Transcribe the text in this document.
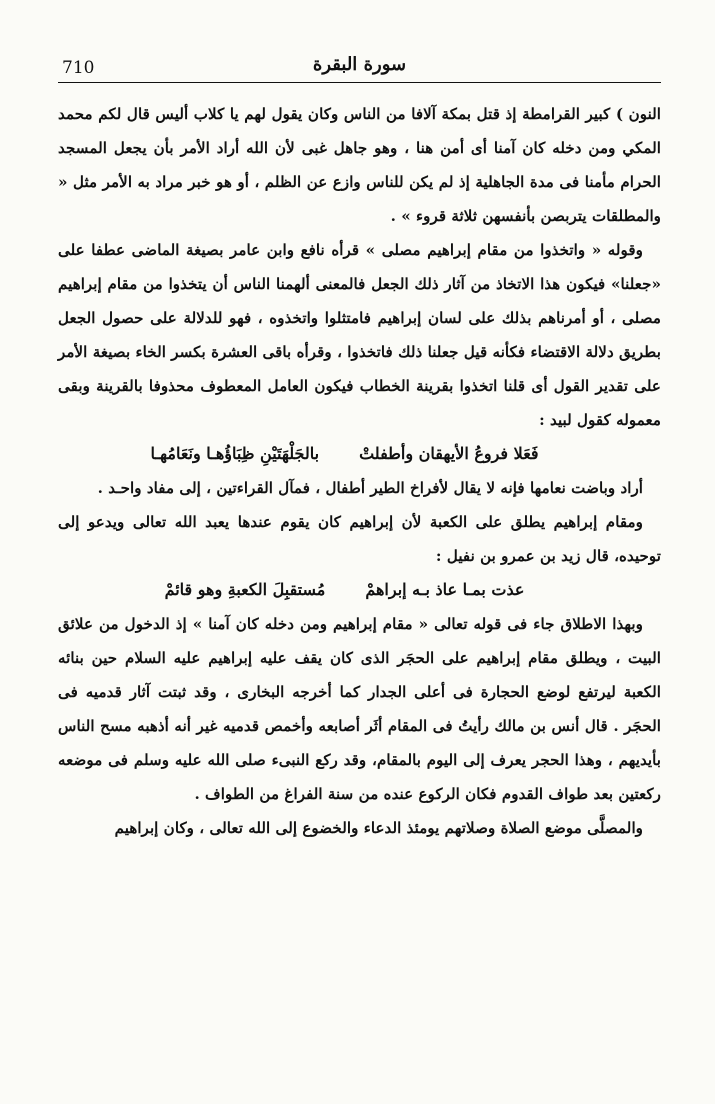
سورة البقرة
710

النون ) كبير القرامطة إذ قتل بمكة آلافا من الناس وكان يقول لهم يا كلاب أليس قال لكم محمد المكي ومن دخله كان آمنا أى أمن هنا ، وهو جاهل غبى لأن الله أراد الأمر بأن يجعل المسجد الحرام مأمنا فى مدة الجاهلية إذ لم يكن للناس وازع عن الظلم ، أو هو خبر مراد به الأمر مثل « والمطلقات يتربصن بأنفسهن ثلاثة قروء » .

وقوله « واتخذوا من مقام إبراهيم مصلى » قرأه نافع وابن عامر بصيغة الماضى عطفا على «جعلنا» فيكون هذا الاتخاذ من آثار ذلك الجعل فالمعنى ألهمنا الناس أن يتخذوا من مقام إبراهيم مصلى ، أو أمرناهم بذلك على لسان إبراهيم فامتثلوا واتخذوه ، فهو للدلالة على حصول الجعل بطريق دلالة الاقتضاء فكأنه قيل جعلنا ذلك فاتخذوا ، وقرأه باقى العشرة بكسر الخاء بصيغة الأمر على تقدير القول أى قلنا اتخذوا بقرينة الخطاب فيكون العامل المعطوف محذوفا بالقرينة وبقى معموله كقول لبيد :

فَعَلا فروعُ الأيهقان وأطفلتْ
بالجَلْهَتَيْنِ ظِبَاؤُهـا ونَعَامُهـا

أراد وباضت نعامها فإنه لا يقال لأفراخ الطير أطفال ، فمآل القراءتين ، إلى مفاد واحـد .

ومقام إبراهيم يطلق على الكعبة لأن إبراهيم كان يقوم عندها يعبد الله تعالى ويدعو إلى توحيده، قال زيد بن عمرو بن نفيل :

عذت بمـا عاذ بـه إبراهمْ
مُستقبِلَ الكعبةِ وهو قائمْ

وبهذا الاطلاق جاء فى قوله تعالى « مقام إبراهيم ومن دخله كان آمنا » إذ الدخول من علائق البيت ، ويطلق مقام إبراهيم على الحجَر الذى كان يقف عليه إبراهيم عليه السلام حين بنائه الكعبة ليرتفع لوضع الحجارة فى أعلى الجدار كما أخرجه البخارى ، وقد ثبتت آثار قدميه فى الحجَر . قال أنس بن مالك رأيتُ فى المقام أثَر أصابعه وأخمص قدميه غير أنه أذهبه مسح الناس بأيديهم ، وهذا الحجر يعرف إلى اليوم بالمقام، وقد ركع النبىء صلى الله عليه وسلم فى موضعه ركعتين بعد طواف القدوم فكان الركوع عنده من سنة الفراغ من الطواف .

والمصلَّى موضع الصلاة وصلاتهم يومئذ الدعاء والخضوع إلى الله تعالى ، وكان إبراهيم
